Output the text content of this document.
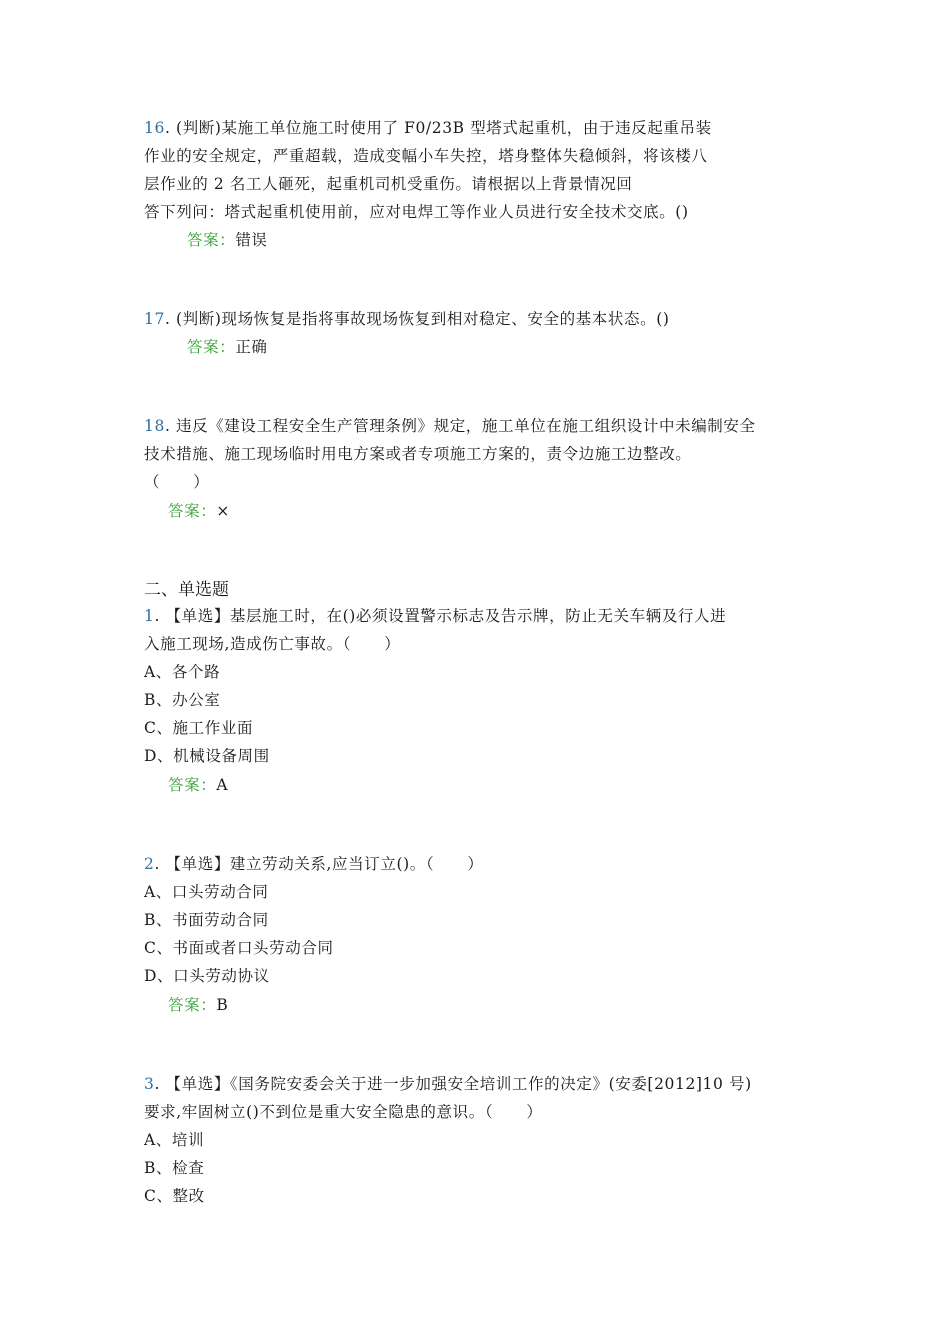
16. (判断)某施工单位施工时使用了 F0/23B 型塔式起重机，由于违反起重吊装
作业的安全规定，严重超载，造成变幅小车失控，塔身整体失稳倾斜，将该楼八
层作业的 2 名工人砸死，起重机司机受重伤。请根据以上背景情况回
答下列问：塔式起重机使用前，应对电焊工等作业人员进行安全技术交底。()
答案：错误
17. (判断)现场恢复是指将事故现场恢复到相对稳定、安全的基本状态。()
答案：正确
18. 违反《建设工程安全生产管理条例》规定，施工单位在施工组织设计中未编制安全
技术措施、施工现场临时用电方案或者专项施工方案的，责令边施工边整改。
（      ）
答案：×
二、单选题
1. 【单选】基层施工时，在()必须设置警示标志及告示牌，防止无关车辆及行人进
入施工现场,造成伤亡事故。（      ）
A、各个路
B、办公室
C、施工作业面
D、机械设备周围
答案：A
2. 【单选】建立劳动关系,应当订立()。（      ）
A、口头劳动合同
B、书面劳动合同
C、书面或者口头劳动合同
D、口头劳动协议
答案：B
3. 【单选】《国务院安委会关于进一步加强安全培训工作的决定》(安委[2012]10 号)
要求,牢固树立()不到位是重大安全隐患的意识。（      ）
A、培训
B、检查
C、整改
